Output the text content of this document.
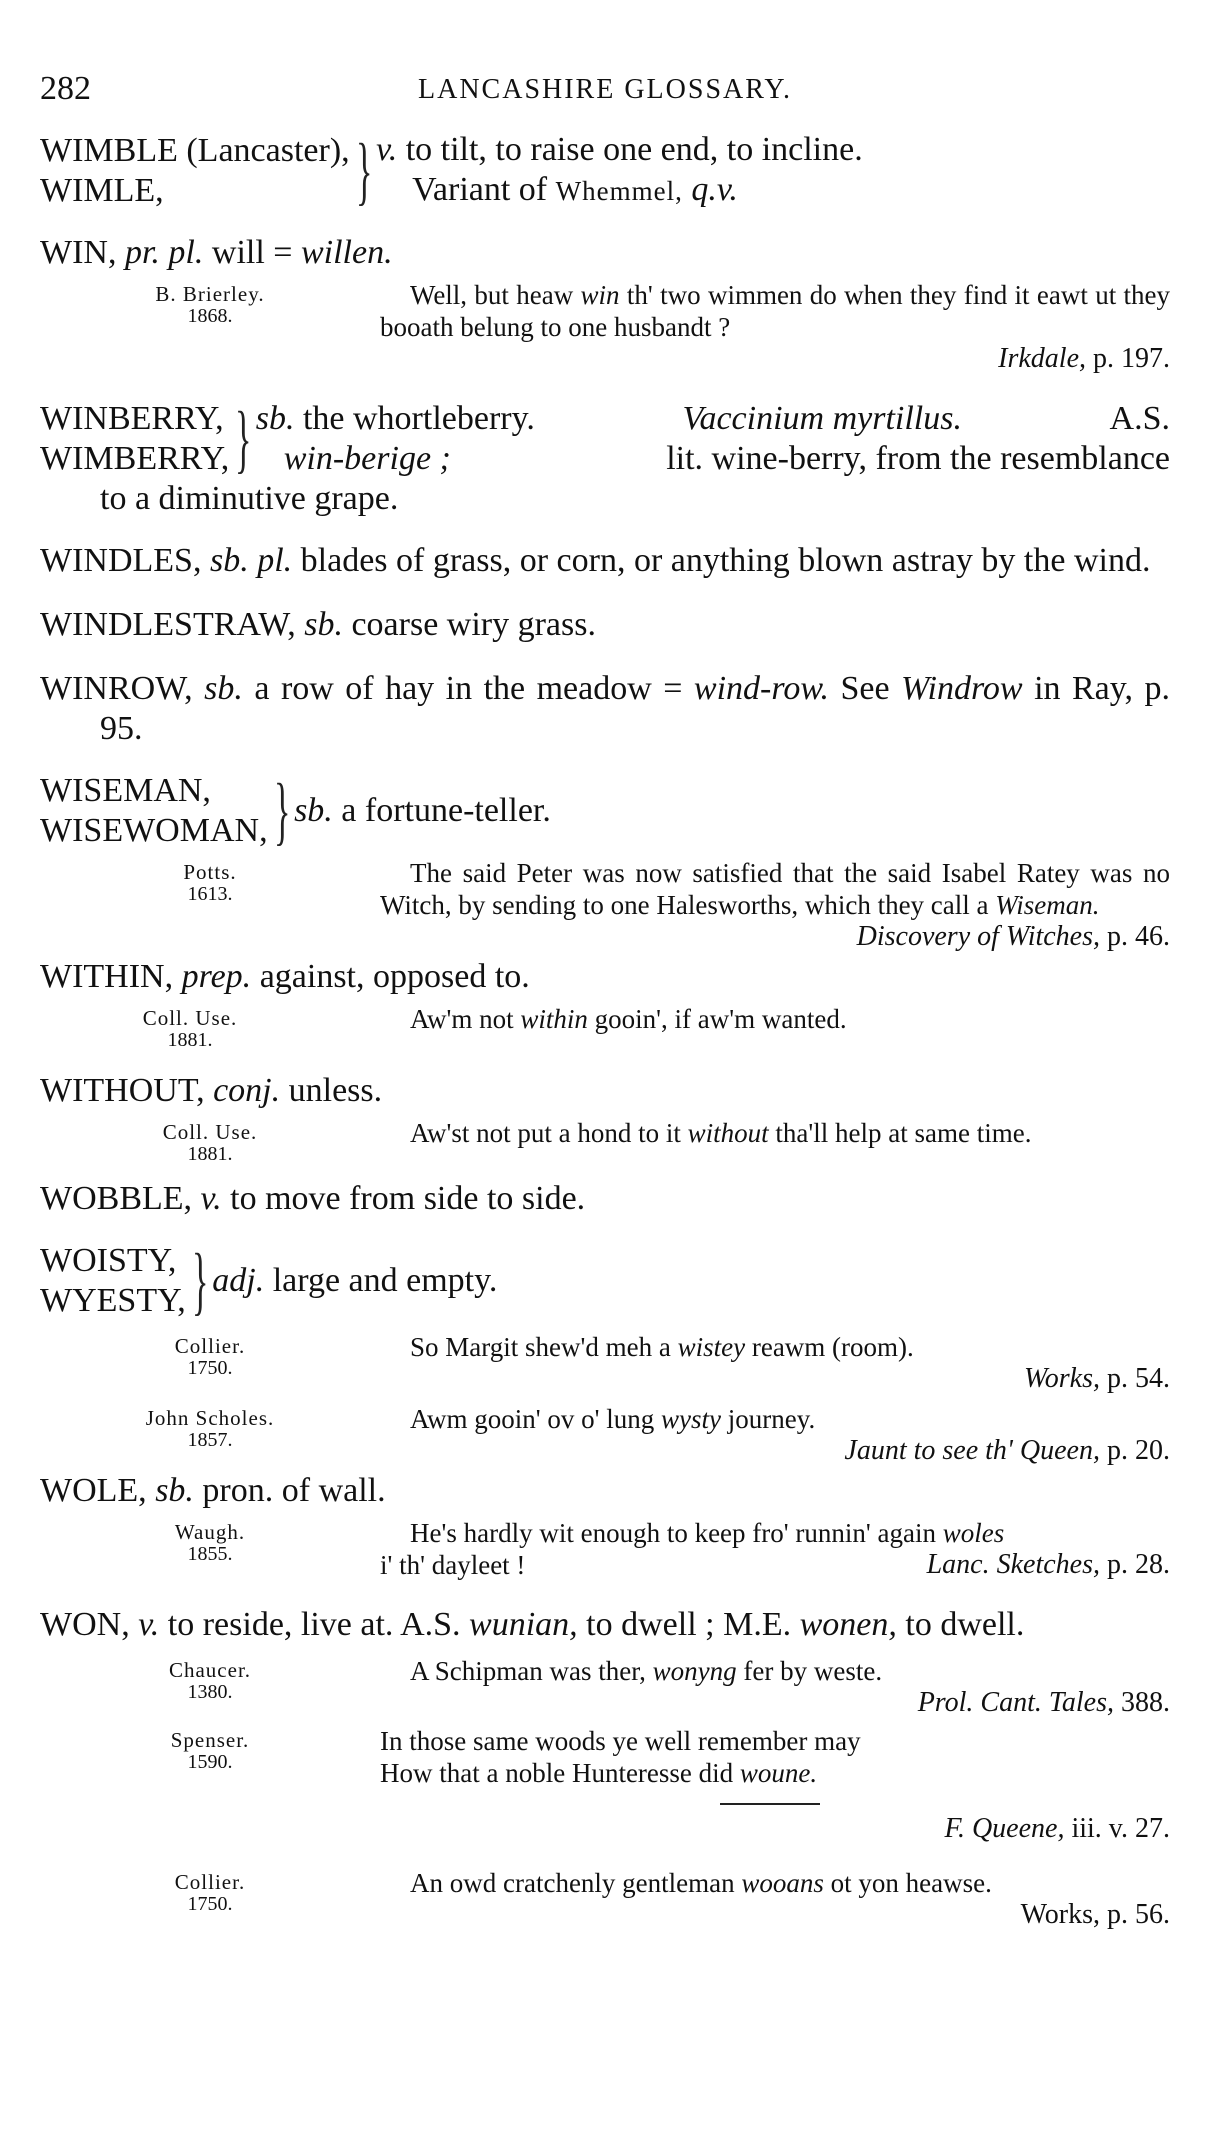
282	LANCASHIRE GLOSSARY.
WIMBLE (Lancaster),
WIMLE,	} v. to tilt, to raise one end, to incline.
Variant of Whemmel, q.v.
WIN, pr. pl. will = willen.
B. Brierley.
1868.
Well, but heaw win th' two wimmen do when they find it eawt ut they booath belung to one husbandt ?
Irkdale, p. 197.
WINBERRY,
WIMBERRY, } sb. the whortleberry.	Vaccinium myrtillus.	A.S.
win-berige ;	lit. wine-berry, from the resemblance
to a diminutive grape.
WINDLES, sb. pl. blades of grass, or corn, or anything blown astray by the wind.
WINDLESTRAW, sb. coarse wiry grass.
WINROW, sb. a row of hay in the meadow = wind-row. See Windrow in Ray, p. 95.
WISEMAN,
WISEWOMAN, } sb. a fortune-teller.
Potts.
1613.
The said Peter was now satisfied that the said Isabel Ratey was no Witch, by sending to one Halesworths, which they call a Wiseman.
Discovery of Witches, p. 46.
WITHIN, prep. against, opposed to.
Coll. Use.
1881.
Aw'm not within gooin', if aw'm wanted.
WITHOUT, conj. unless.
Coll. Use.
1881.
Aw'st not put a hond to it without tha'll help at same time.
WOBBLE, v. to move from side to side.
WOISTY,
WYESTY, } adj. large and empty.
Collier.
1750.
So Margit shew'd meh a wistey reawm (room).
Works, p. 54.
John Scholes.
1857.
Awm gooin' ov o' lung wysty journey.
Jaunt to see th' Queen, p. 20.
WOLE, sb. pron. of wall.
Waugh.
1855.
He's hardly wit enough to keep fro' runnin' again woles
i' th' dayleet !	Lanc. Sketches, p. 28.
WON, v. to reside, live at. A.S. wunian, to dwell ; M.E. wonen, to dwell.
Chaucer.
1380.
A Schipman was ther, wonyng fer by weste.
Prol. Cant. Tales, 388.
Spenser.
1590.
In those same woods ye well remember may
How that a noble Hunteresse did woune.
F. Queene, iii. v. 27.
Collier.
1750.
An owd cratchenly gentleman wooans ot yon heawse.
Works, p. 56.
